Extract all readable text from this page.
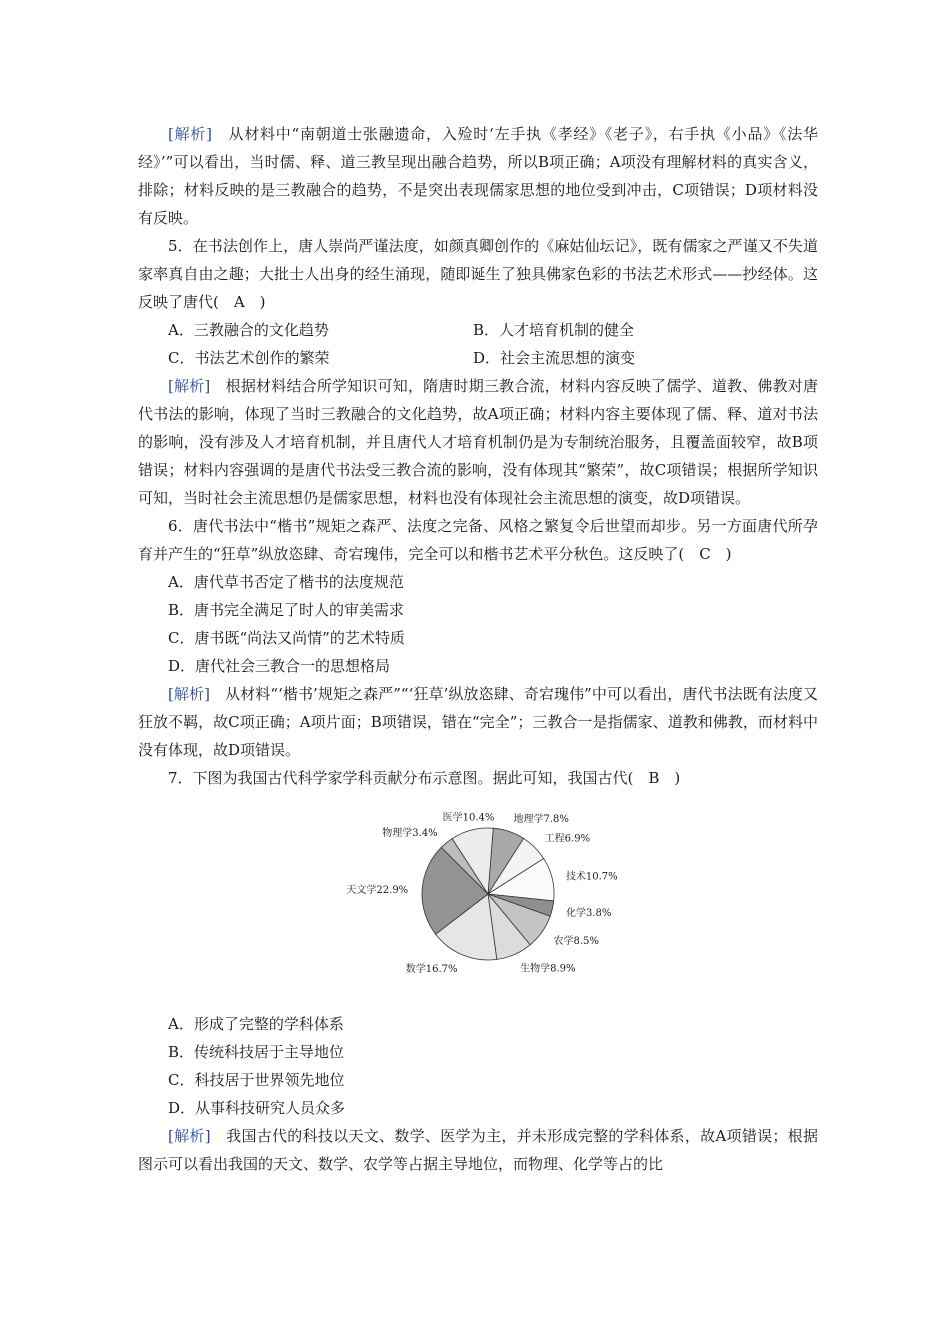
[解析]　 从材料中“南朝道士张融遗命，入殓时‘左手执《孝经》《老子》，右手执《小品》《法华经》’”可以看出，当时儒、释、道三教呈现出融合趋势，所以B项正确；A项没有理解材料的真实含义，排除；材料反映的是三教融合的趋势，不是突出表现儒家思想的地位受到冲击，C项错误；D项材料没有反映。

5．在书法创作上，唐人崇尚严谨法度，如颜真卿创作的《麻姑仙坛记》，既有儒家之严谨又不失道家率真自由之趣；大批士人出身的经生涌现，随即诞生了独具佛家色彩的书法艺术形式——抄经体。这反映了唐代(　A　)

A．三教融合的文化趋势	B．人才培育机制的健全

C．书法艺术创作的繁荣	D．社会主流思想的演变

[解析]　 根据材料结合所学知识可知，隋唐时期三教合流，材料内容反映了儒学、道教、佛教对唐代书法的影响，体现了当时三教融合的文化趋势，故A项正确；材料内容主要体现了儒、释、道对书法的影响，没有涉及人才培育机制，并且唐代人才培育机制仍是为专制统治服务，且覆盖面较窄，故B项错误；材料内容强调的是唐代书法受三教合流的影响，没有体现其“繁荣”，故C项错误；根据所学知识可知，当时社会主流思想仍是儒家思想，材料也没有体现社会主流思想的演变，故D项错误。

6．唐代书法中“楷书”规矩之森严、法度之完备、风格之繁复令后世望而却步。另一方面唐代所孕育并产生的“狂草”纵放恣肆、奇宕瑰伟，完全可以和楷书艺术平分秋色。这反映了(　C　)

A．唐代草书否定了楷书的法度规范

B．唐书完全满足了时人的审美需求

C．唐书既“尚法又尚情”的艺术特质

D．唐代社会三教合一的思想格局

[解析]　 从材料“‘楷书’规矩之森严”“‘狂草’纵放恣肆、奇宕瑰伟”中可以看出，唐代书法既有法度又狂放不羁，故C项正确；A项片面；B项错误，错在“完全”；三教合一是指儒家、道教和佛教，而材料中没有体现，故D项错误。

7．下图为我国古代科学家学科贡献分布示意图。据此可知，我国古代(　B　)

地理学7.8%
工程6.9%
技术10.7%
化学3.8%
农学8.5%
生物学8.9%
数学16.7%
天文学22.9%
物理学3.4%
医学10.4%

A．形成了完整的学科体系

B．传统科技居于主导地位

C．科技居于世界领先地位

D．从事科技研究人员众多

[解析]　 我国古代的科技以天文、数学、医学为主，并未形成完整的学科体系，故A项错误；根据图示可以看出我国的天文、数学、农学等占据主导地位，而物理、化学等占的比
